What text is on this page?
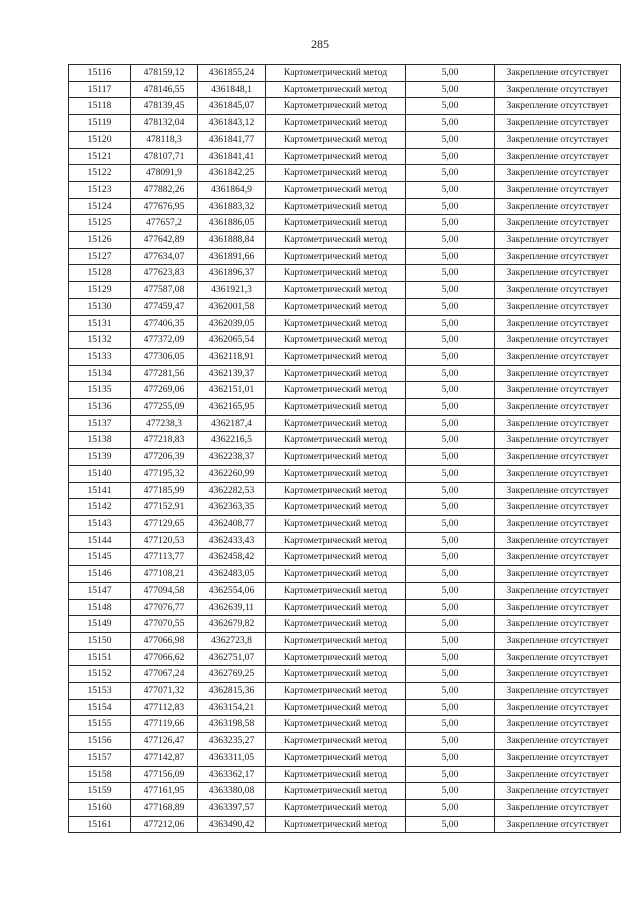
285
15116	478159,12	4361855,24	Картометрический метод	5,00	Закрепление отсутствует
15117	478146,55	4361848,1	Картометрический метод	5,00	Закрепление отсутствует
15118	478139,45	4361845,07	Картометрический метод	5,00	Закрепление отсутствует
15119	478132,04	4361843,12	Картометрический метод	5,00	Закрепление отсутствует
15120	478118,3	4361841,77	Картометрический метод	5,00	Закрепление отсутствует
15121	478107,71	4361841,41	Картометрический метод	5,00	Закрепление отсутствует
15122	478091,9	4361842,25	Картометрический метод	5,00	Закрепление отсутствует
15123	477882,26	4361864,9	Картометрический метод	5,00	Закрепление отсутствует
15124	477676,95	4361883,32	Картометрический метод	5,00	Закрепление отсутствует
15125	477657,2	4361886,05	Картометрический метод	5,00	Закрепление отсутствует
15126	477642,89	4361888,84	Картометрический метод	5,00	Закрепление отсутствует
15127	477634,07	4361891,66	Картометрический метод	5,00	Закрепление отсутствует
15128	477623,83	4361896,37	Картометрический метод	5,00	Закрепление отсутствует
15129	477587,08	4361921,3	Картометрический метод	5,00	Закрепление отсутствует
15130	477459,47	4362001,58	Картометрический метод	5,00	Закрепление отсутствует
15131	477406,35	4362039,05	Картометрический метод	5,00	Закрепление отсутствует
15132	477372,09	4362065,54	Картометрический метод	5,00	Закрепление отсутствует
15133	477306,05	4362118,91	Картометрический метод	5,00	Закрепление отсутствует
15134	477281,56	4362139,37	Картометрический метод	5,00	Закрепление отсутствует
15135	477269,06	4362151,01	Картометрический метод	5,00	Закрепление отсутствует
15136	477255,09	4362165,95	Картометрический метод	5,00	Закрепление отсутствует
15137	477238,3	4362187,4	Картометрический метод	5,00	Закрепление отсутствует
15138	477218,83	4362216,5	Картометрический метод	5,00	Закрепление отсутствует
15139	477206,39	4362238,37	Картометрический метод	5,00	Закрепление отсутствует
15140	477195,32	4362260,99	Картометрический метод	5,00	Закрепление отсутствует
15141	477185,99	4362282,53	Картометрический метод	5,00	Закрепление отсутствует
15142	477152,91	4362363,35	Картометрический метод	5,00	Закрепление отсутствует
15143	477129,65	4362408,77	Картометрический метод	5,00	Закрепление отсутствует
15144	477120,53	4362433,43	Картометрический метод	5,00	Закрепление отсутствует
15145	477113,77	4362458,42	Картометрический метод	5,00	Закрепление отсутствует
15146	477108,21	4362483,05	Картометрический метод	5,00	Закрепление отсутствует
15147	477094,58	4362554,06	Картометрический метод	5,00	Закрепление отсутствует
15148	477076,77	4362639,11	Картометрический метод	5,00	Закрепление отсутствует
15149	477070,55	4362679,82	Картометрический метод	5,00	Закрепление отсутствует
15150	477066,98	4362723,8	Картометрический метод	5,00	Закрепление отсутствует
15151	477066,62	4362751,07	Картометрический метод	5,00	Закрепление отсутствует
15152	477067,24	4362769,25	Картометрический метод	5,00	Закрепление отсутствует
15153	477071,32	4362815,36	Картометрический метод	5,00	Закрепление отсутствует
15154	477112,83	4363154,21	Картометрический метод	5,00	Закрепление отсутствует
15155	477119,66	4363198,58	Картометрический метод	5,00	Закрепление отсутствует
15156	477126,47	4363235,27	Картометрический метод	5,00	Закрепление отсутствует
15157	477142,87	4363311,05	Картометрический метод	5,00	Закрепление отсутствует
15158	477156,09	4363362,17	Картометрический метод	5,00	Закрепление отсутствует
15159	477161,95	4363380,08	Картометрический метод	5,00	Закрепление отсутствует
15160	477168,89	4363397,57	Картометрический метод	5,00	Закрепление отсутствует
15161	477212,06	4363490,42	Картометрический метод	5,00	Закрепление отсутствует
